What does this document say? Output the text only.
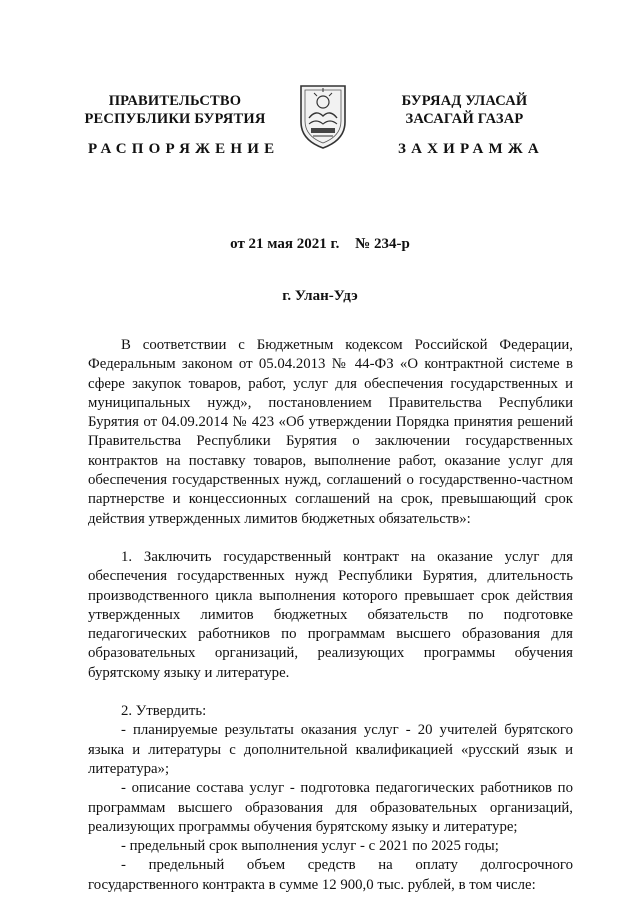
ПРАВИТЕЛЬСТВО
РЕСПУБЛИКИ БУРЯТИЯ
БУРЯАД УЛАСАЙ
ЗАСАГАЙ ГАЗАР
РАСПОРЯЖЕНИЕ	ЗАХИРАМЖА
от 21 мая 2021 г. № 234-р
г. Улан-Удэ

В соответствии с Бюджетным кодексом Российской Федерации, Федеральным законом от 05.04.2013 № 44-ФЗ «О контрактной системе в сфере закупок товаров, работ, услуг для обеспечения государственных и муниципальных нужд», постановлением Правительства Республики Бурятия от 04.09.2014 № 423 «Об утверждении Порядка принятия решений Правительства Республики Бурятия о заключении государственных контрактов на поставку товаров, выполнение работ, оказание услуг для обеспечения государственных нужд, соглашений о государственно-частном партнерстве и концессионных соглашений на срок, превышающий срок действия утвержденных лимитов бюджетных обязательств»:

1. Заключить государственный контракт на оказание услуг для обеспечения государственных нужд Республики Бурятия, длительность производственного цикла выполнения которого превышает срок действия утвержденных лимитов бюджетных обязательств по подготовке педагогических работников по программам высшего образования для образовательных организаций, реализующих программы обучения бурятскому языку и литературе.

2. Утвердить:

- планируемые результаты оказания услуг - 20 учителей бурятского языка и литературы с дополнительной квалификацией «русский язык и литература»;

- описание состава услуг - подготовка педагогических работников по программам высшего образования для образовательных организаций, реализующих программы обучения бурятскому языку и литературе;

- предельный срок выполнения услуг - с 2021 по 2025 годы;

- предельный объем средств на оплату долгосрочного государственного контракта в сумме 12 900,0 тыс. рублей, в том числе:
